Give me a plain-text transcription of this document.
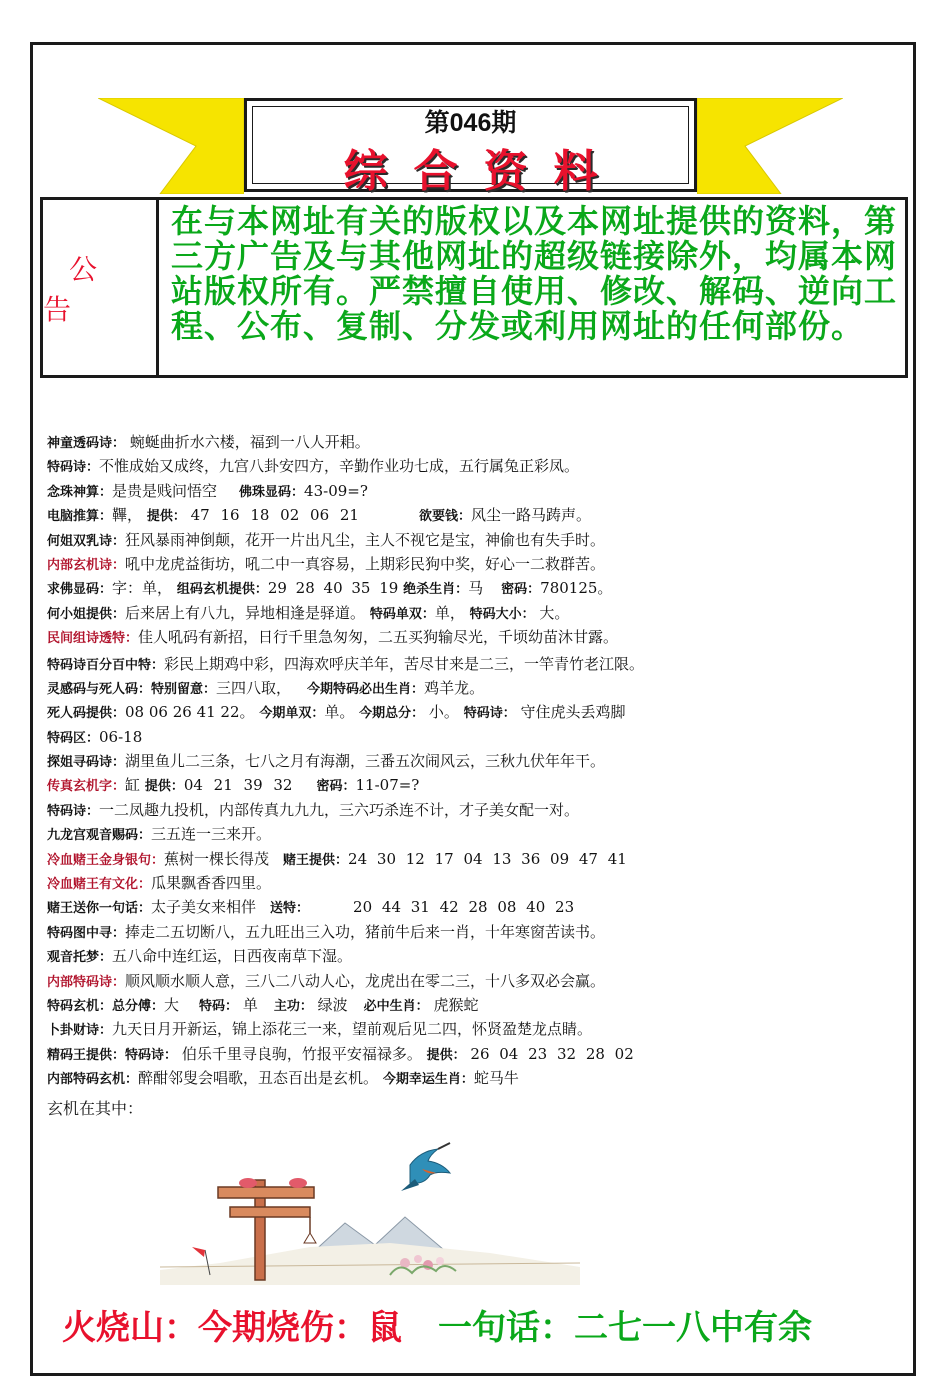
第046期
综合资料
公告
在与本网址有关的版权以及本网址提供的资料，第三方广告及与其他网址的超级链接除外，均属本网站版权所有。严禁擅自使用、修改、解码、逆向工程、公布、复制、分发或利用网址的任何部份。
神童透码诗： 蜿蜒曲折水六楼，福到一八人开耜。
特码诗：不惟成始又成终，九宫八卦安四方，辛勤作业功七成，五行属兔正彩凤。
念珠神算：是贵是贱问悟空 佛珠显码：43-09=?
电脑推算：鞸， 提供： 47 16 18 02 06 21	欲要钱：风尘一路马踌声。
何姐双乳诗：狂风暴雨神倒颠，花开一片出凡尘，主人不视它是宝，神偷也有失手时。
内部玄机诗：吼中龙虎益街坊，吼二中一真容易，上期彩民狗中奖，好心一二救群苦。
求佛显码：字：单， 组码玄机提供：29 28 40 35 19 绝杀生肖：马 密码：780125。
何小姐提供：后来居上有八九，异地相逢是驿道。 特码单双：单， 特码大小： 大。
民间组诗透特：佳人吼码有新招，日行千里急匆匆，二五买狗输尽光，千顷幼苗沐甘露。
特码诗百分百中特：彩民上期鸡中彩，四海欢呼庆羊年，苦尽甘来是二三，一竿青竹老江限。
灵感码与死人码：特别留意：三四八取， 今期特码必出生肖：鸡羊龙。
死人码提供：08 06 26 41 22。 今期单双：单。 今期总分： 小。 特码诗： 守住虎头丢鸡脚
特码区：06-18
探姐寻码诗：湖里鱼儿二三条，七八之月有海潮，三番五次闹风云，三秋九伏年年干。
传真玄机字：缸 提供：04 21 39 32 密码：11-07=?
特码诗：一二凤趣九投机，内部传真九九九，三六巧杀连不计，才子美女配一对。
九龙宫观音赐码：三五连一三来开。
冷血赌王金身银句：蕉树一棵长得茂 赌王提供：24 30 12 17 04 13 36 09 47 41
冷血赌王有文化：瓜果飘香香四里。
赌王送你一句话：太子美女来相伴 送特：	20 44 31 42 28 08 40 23
特码图中寻：捧走二五切断八，五九旺出三入功，猪前牛后来一肖，十年寒窗苦读书。
观音托梦：五八命中连红运，日西夜南草下湿。
内部特码诗：顺风顺水顺人意，三八二八动人心，龙虎出在零二三，十八多双必会赢。
特码玄机：总分傅：大 特码： 单 主功： 绿波 必中生肖： 虎猴蛇
卜卦财诗：九天日月开新运，锦上添花三一来，望前观后见二四，怀贤盈楚龙点睛。
精码王提供：特码诗： 伯乐千里寻良驹，竹报平安福禄多。 提供： 26 04 23 32 28 02
内部特码玄机：醉酣邻叟会唱歌，丑态百出是玄机。 今期幸运生肖：蛇马牛
玄机在其中：
火烧山：今期烧伤：鼠 一句话：二七一八中有余
